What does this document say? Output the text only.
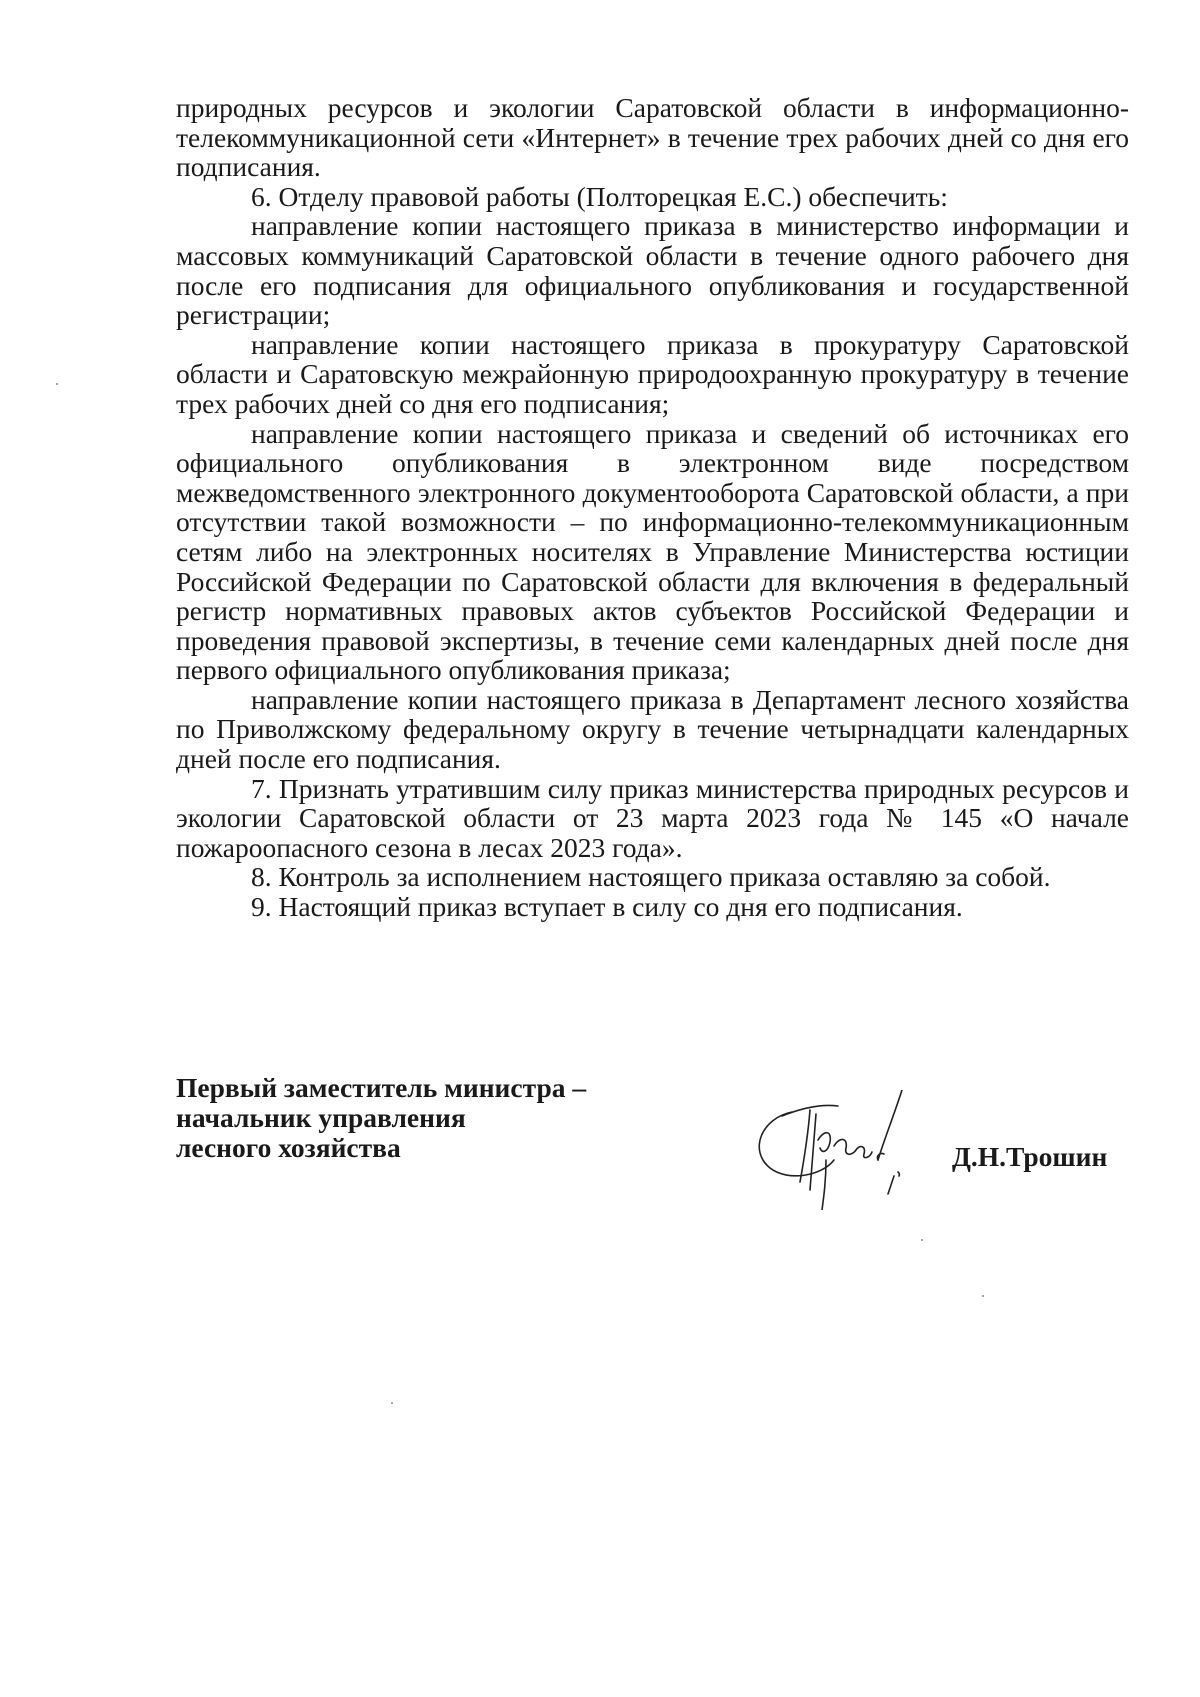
природных ресурсов и экологии Саратовской области в информационно-телекоммуникационной сети «Интернет» в течение трех рабочих дней со дня его подписания.

6. Отделу правовой работы (Полторецкая Е.С.) обеспечить:

направление копии настоящего приказа в министерство информации и массовых коммуникаций Саратовской области в течение одного рабочего дня после его подписания для официального опубликования и государственной регистрации;

направление копии настоящего приказа в прокуратуру Саратовской области и Саратовскую межрайонную природоохранную прокуратуру в течение трех рабочих дней со дня его подписания;

направление копии настоящего приказа и сведений об источниках его официального опубликования в электронном виде посредством межведомственного электронного документооборота Саратовской области, а при отсутствии такой возможности – по информационно-телекоммуникационным сетям либо на электронных носителях в Управление Министерства юстиции Российской Федерации по Саратовской области для включения в федеральный регистр нормативных правовых актов субъектов Российской Федерации и проведения правовой экспертизы, в течение семи календарных дней после дня первого официального опубликования приказа;

направление копии настоящего приказа в Департамент лесного хозяйства по Приволжскому федеральному округу в течение четырнадцати календарных дней после его подписания.

7. Признать утратившим силу приказ министерства природных ресурсов и экологии Саратовской области от 23 марта 2023 года № 145 «О начале пожароопасного сезона в лесах 2023 года».

8. Контроль за исполнением настоящего приказа оставляю за собой.

9. Настоящий приказ вступает в силу со дня его подписания.

Первый заместитель министра –
начальник управления
лесного хозяйства	Д.Н.Трошин
